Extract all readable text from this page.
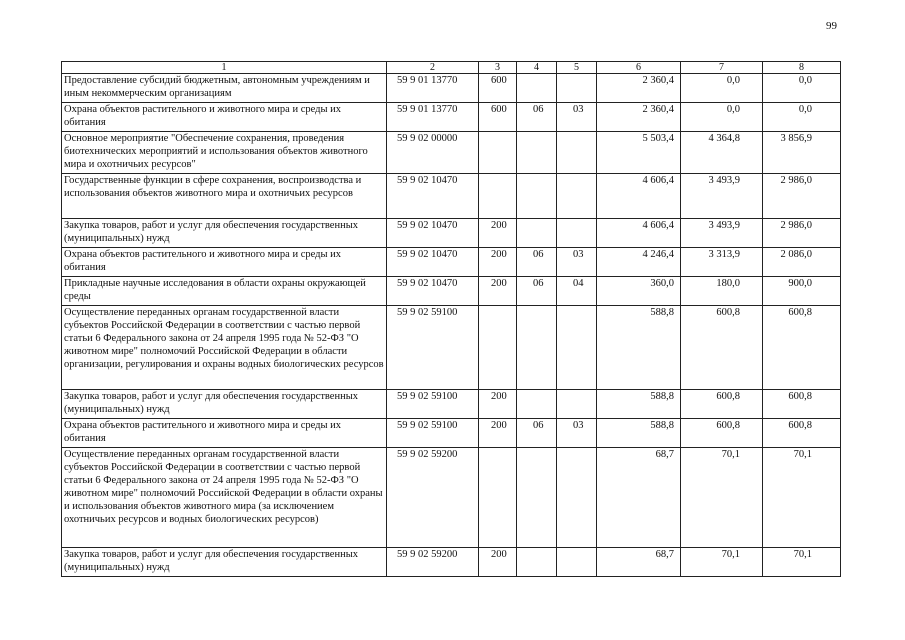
99
1	2	3	4	5	6	7	8
Предоставление субсидий бюджетным, автономным учреждениям и иным некоммерческим организациям	59 9 01 13770	600			2 360,4	0,0	0,0
Охрана объектов растительного и животного мира и среды их обитания	59 9 01 13770	600	06	03	2 360,4	0,0	0,0
Основное мероприятие "Обеспечение сохранения, проведения биотехнических мероприятий и использования объектов животного мира и охотничьих ресурсов"	59 9 02 00000				5 503,4	4 364,8	3 856,9
Государственные функции в сфере сохранения, воспроизводства и использования объектов животного мира и охотничьих ресурсов	59 9 02 10470				4 606,4	3 493,9	2 986,0
Закупка товаров, работ и услуг для обеспечения государственных (муниципальных) нужд	59 9 02 10470	200			4 606,4	3 493,9	2 986,0
Охрана объектов растительного и животного мира и среды их обитания	59 9 02 10470	200	06	03	4 246,4	3 313,9	2 086,0
Прикладные научные исследования в области охраны окружающей среды	59 9 02 10470	200	06	04	360,0	180,0	900,0
Осуществление переданных органам государственной власти субъектов Российской Федерации в соответствии с частью первой статьи 6 Федерального закона от 24 апреля 1995 года № 52-ФЗ "О животном мире" полномочий Российской Федерации в области организации, регулирования и охраны водных биологических ресурсов	59 9 02 59100				588,8	600,8	600,8
Закупка товаров, работ и услуг для обеспечения государственных (муниципальных) нужд	59 9 02 59100	200			588,8	600,8	600,8
Охрана объектов растительного и животного мира и среды их обитания	59 9 02 59100	200	06	03	588,8	600,8	600,8
Осуществление переданных органам государственной власти субъектов Российской Федерации в соответствии с частью первой статьи 6 Федерального закона от 24 апреля 1995 года № 52-ФЗ "О животном мире" полномочий Российской Федерации в области охраны и использования объектов животного мира (за исключением охотничьих ресурсов и водных биологических ресурсов)	59 9 02 59200				68,7	70,1	70,1
Закупка товаров, работ и услуг для обеспечения государственных (муниципальных) нужд	59 9 02 59200	200			68,7	70,1	70,1
